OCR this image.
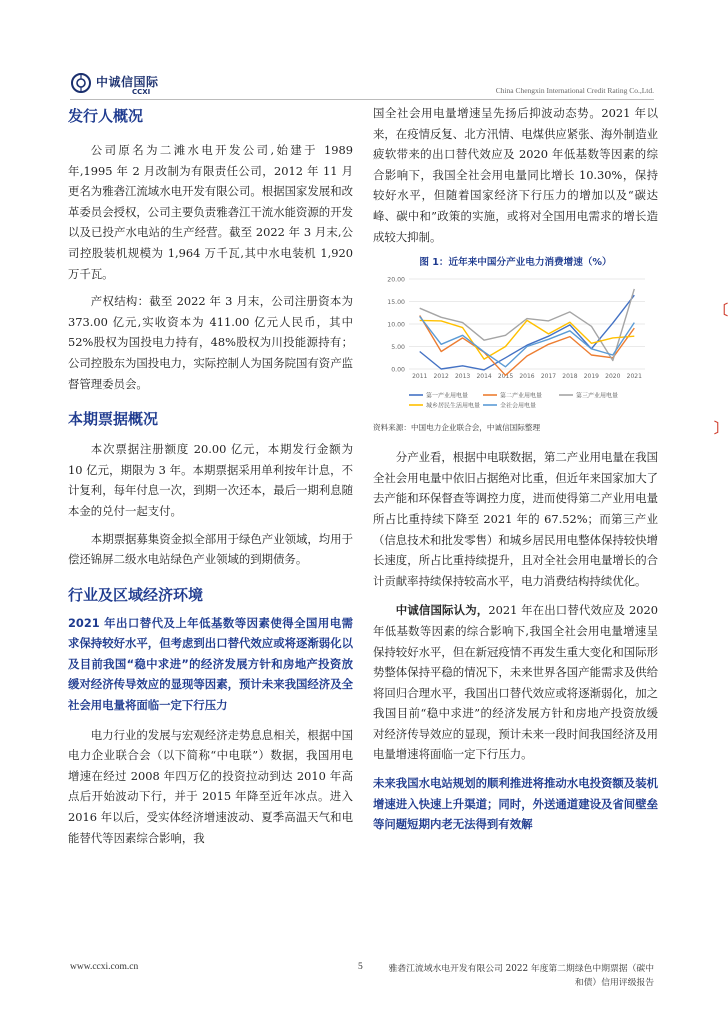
中诚信国际
CCXI	China Chengxin International Credit Rating Co.,Ltd.

发行人概况

公司原名为二滩水电开发公司,始建于 1989 年,1995 年 2 月改制为有限责任公司，2012 年 11 月更名为雅砻江流域水电开发有限公司。根据国家发展和改革委员会授权，公司主要负责雅砻江干流水能资源的开发以及已投产水电站的生产经营。截至 2022 年 3 月末,公司控股装机规模为 1,964 万千瓦,其中水电装机 1,920 万千瓦。

产权结构：截至 2022 年 3 月末，公司注册资本为 373.00 亿元,实收资本为 411.00 亿元人民币，其中 52%股权为国投电力持有，48%股权为川投能源持有；公司控股东为国投电力，实际控制人为国务院国有资产监督管理委员会。

本期票据概况

本次票据注册额度 20.00 亿元，本期发行金额为 10 亿元，期限为 3 年。本期票据采用单利按年计息，不计复利，每年付息一次，到期一次还本，最后一期利息随本金的兑付一起支付。

本期票据募集资金拟全部用于绿色产业领域，均用于偿还锦屏二级水电站绿色产业领域的到期债务。

行业及区域经济环境

2021 年出口替代及上年低基数等因素使得全国用电需求保持较好水平，但考虑到出口替代效应或将逐渐弱化以及目前我国“稳中求进”的经济发展方针和房地产投资放缓对经济传导效应的显现等因素，预计未来我国经济及全社会用电量将面临一定下行压力

电力行业的发展与宏观经济走势息息相关，根据中国电力企业联合会（以下简称“中电联”）数据，我国用电增速在经过 2008 年四万亿的投资拉动到达 2010 年高点后开始波动下行，并于 2015 年降至近年冰点。进入 2016 年以后，受实体经济增速波动、夏季高温天气和电能替代等因素综合影响，我

国全社会用电量增速呈先扬后抑波动态势。2021 年以来，在疫情反复、北方汛情、电煤供应紧张、海外制造业疲软带来的出口替代效应及 2020 年低基数等因素的综合影响下，我国全社会用电量同比增长 10.30%，保持较好水平，但随着国家经济下行压力的增加以及“碳达峰、碳中和”政策的实施，或将对全国用电需求的增长造成较大抑制。

图 1：近年来中国分产业电力消费增速（%）

0.00
5.00
10.00
15.00
20.00
2011 2012 2013 2014 2015 2016 2017 2018 2019 2020 2021
第一产业用电量	第二产业用电量	第三产业用电量
城乡居民生活用电量	全社会用电量

资料来源：中国电力企业联合会，中诚信国际整理

分产业看，根据中电联数据，第二产业用电量在我国全社会用电量中依旧占据绝对比重，但近年来国家加大了去产能和环保督查等调控力度，进而使得第二产业用电量所占比重持续下降至 2021 年的 67.52%；而第三产业（信息技术和批发零售）和城乡居民用电整体保持较快增长速度，所占比重持续提升，且对全社会用电量增长的合计贡献率持续保持较高水平，电力消费结构持续优化。

中诚信国际认为，2021 年在出口替代效应及 2020 年低基数等因素的综合影响下,我国全社会用电量增速呈保持较好水平，但在新冠疫情不再发生重大变化和国际形势整体保持平稳的情况下，未来世界各国产能需求及供给将回归合理水平，我国出口替代效应或将逐渐弱化，加之我国目前“稳中求进”的经济发展方针和房地产投资放缓对经济传导效应的显现，预计未来一段时间我国经济及用电量增速将面临一定下行压力。

未来我国水电站规划的顺利推进将推动水电投资额及装机增速进入快速上升渠道；同时，外送通道建设及省间壁垒等问题短期内老无法得到有效解

〔
〕
www.ccxi.com.cn	5	雅砻江流域水电开发有限公司 2022 年度第二期绿色中期票据（碳中和债）信用评级报告
